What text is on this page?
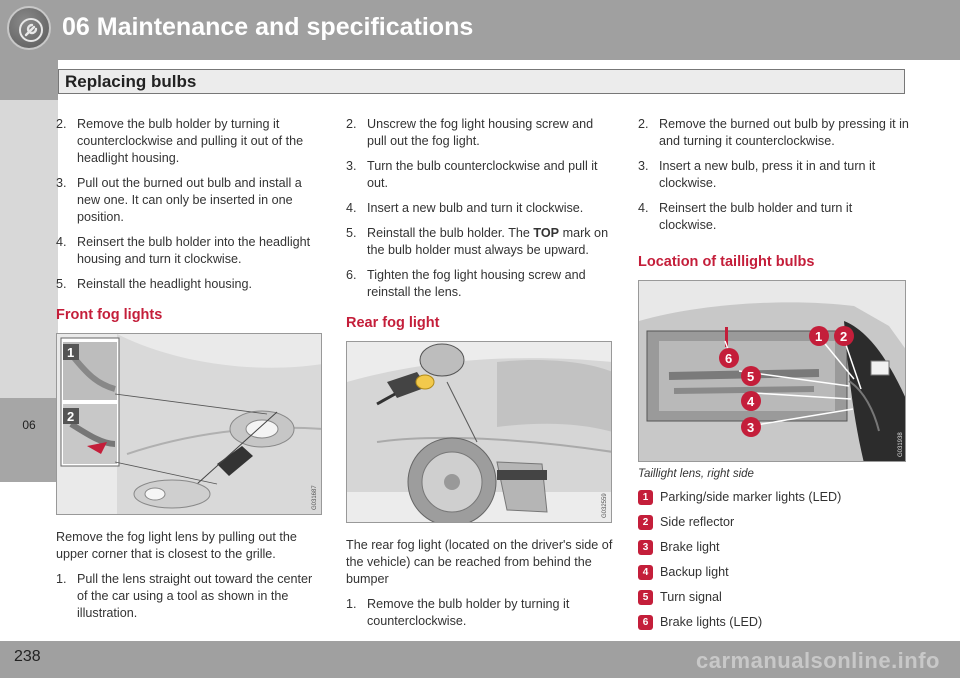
06 Maintenance and specifications
Replacing bulbs
06
2. Remove the bulb holder by turning it counterclockwise and pulling it out of the headlight housing.
3. Pull out the burned out bulb and install a new one. It can only be inserted in one position.
4. Reinsert the bulb holder into the headlight housing and turn it clockwise.
5. Reinstall the headlight housing.
Front fog lights
1
2
G031687

Remove the fog light lens by pulling out the upper corner that is closest to the grille.

1. Pull the lens straight out toward the center of the car using a tool as shown in the illustration.
2. Unscrew the fog light housing screw and pull out the fog light.
3. Turn the bulb counterclockwise and pull it out.
4. Insert a new bulb and turn it clockwise.
5. Reinstall the bulb holder. The TOP mark on the bulb holder must always be upward.
6. Tighten the fog light housing screw and reinstall the lens.
Rear fog light
G032559

The rear fog light (located on the driver's side of the vehicle) can be reached from behind the bumper

1. Remove the bulb holder by turning it counterclockwise.
2. Remove the burned out bulb by pressing it in and turning it counterclockwise.
3. Insert a new bulb, press it in and turn it clockwise.
4. Reinsert the bulb holder and turn it clockwise.
Location of taillight bulbs
1 2
3
4
5
6
G031938
Taillight lens, right side
1 Parking/side marker lights (LED)
2 Side reflector
3 Brake light
4 Backup light
5 Turn signal
6 Brake lights (LED)
238	carmanualsonline.info
